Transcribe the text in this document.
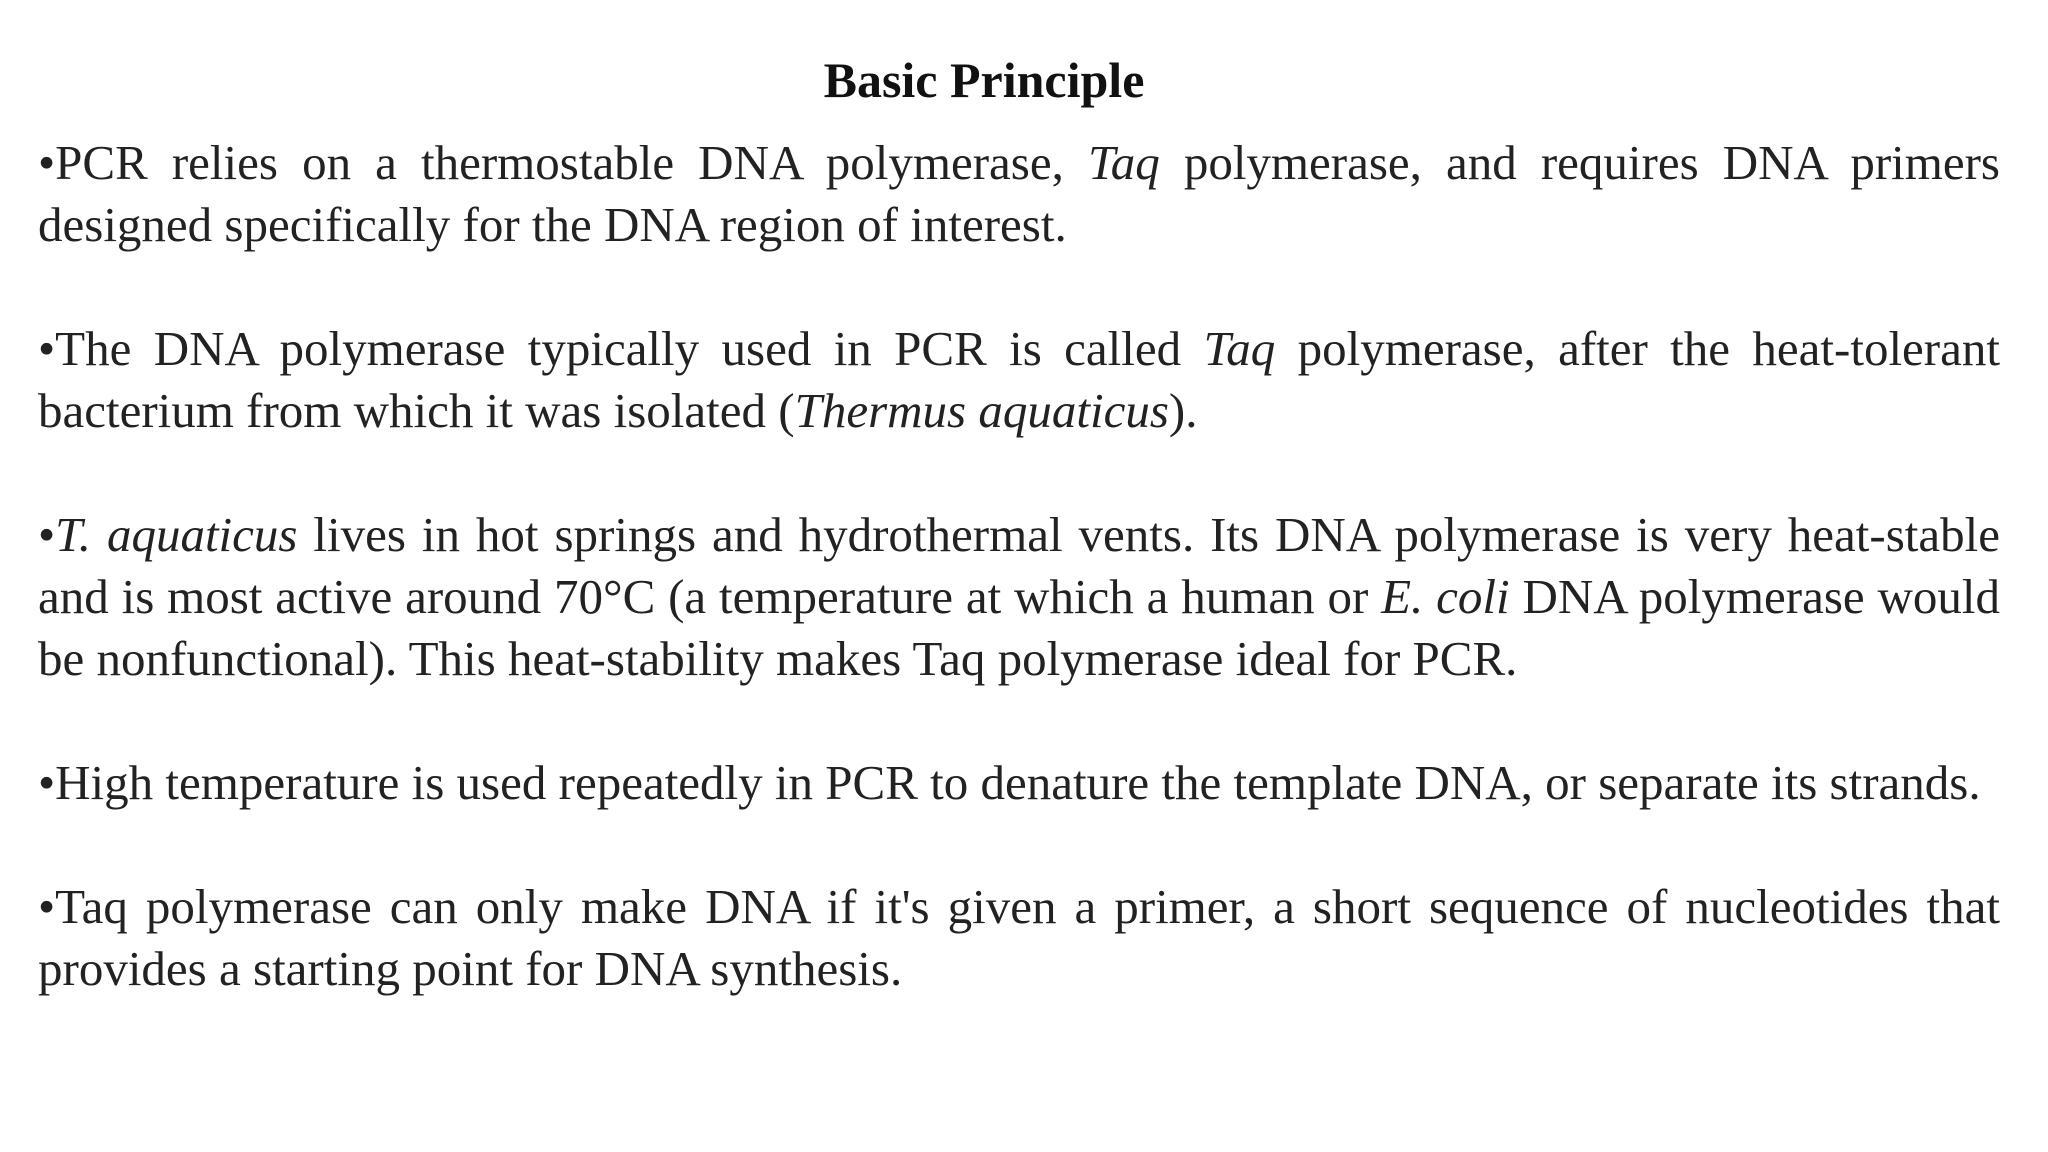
Basic Principle

•PCR relies on a thermostable DNA polymerase, Taq polymerase, and requires DNA primers designed specifically for the DNA region of interest.

•The DNA polymerase typically used in PCR is called Taq polymerase, after the heat-tolerant bacterium from which it was isolated (Thermus aquaticus).

•T. aquaticus lives in hot springs and hydrothermal vents. Its DNA polymerase is very heat-stable and is most active around 70°C (a temperature at which a human or E. coli DNA polymerase would be nonfunctional). This heat-stability makes Taq polymerase ideal for PCR.

•High temperature is used repeatedly in PCR to denature the template DNA, or separate its strands.

•Taq polymerase can only make DNA if it's given a primer, a short sequence of nucleotides that provides a starting point for DNA synthesis.
